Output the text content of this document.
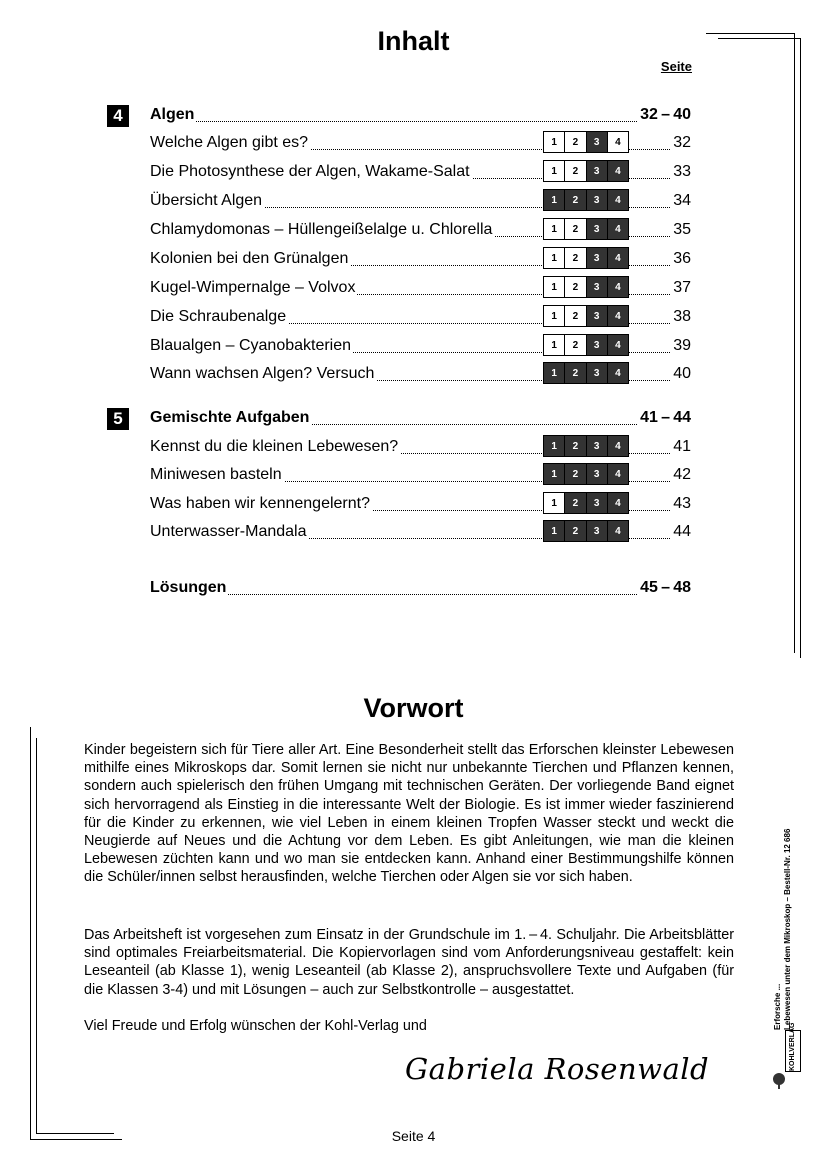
Inhalt
Seite
4	Algen	32 – 40
Welche Algen gibt es?	1	2	3	4	32
Die Photosynthese der Algen, Wakame-Salat	1	2	3	4	33
Übersicht Algen	1	2	3	4	34
Chlamydomonas – Hüllengeißelalge u. Chlorella	1	2	3	4	35
Kolonien bei den Grünalgen	1	2	3	4	36
Kugel-Wimpernalge – Volvox	1	2	3	4	37
Die Schraubenalge	1	2	3	4	38
Blaualgen – Cyanobakterien	1	2	3	4	39
Wann wachsen Algen? Versuch	1	2	3	4	40
5	Gemischte Aufgaben	41 – 44
Kennst du die kleinen Lebewesen?	1	2	3	4	41
Miniwesen basteln	1	2	3	4	42
Was haben wir kennengelernt?	1	2	3	4	43
Unterwasser-Mandala	1	2	3	4	44
Lösungen	45 – 48
Vorwort

Kinder begeistern sich für Tiere aller Art. Eine Besonderheit stellt das Erforschen kleinster Lebewesen mithilfe eines Mikroskops dar. Somit lernen sie nicht nur unbekannte Tierchen und Pflanzen kennen, sondern auch spielerisch den frühen Umgang mit technischen Geräten. Der vorliegende Band eignet sich hervorragend als Einstieg in die interessante Welt der Biologie. Es ist immer wieder faszinierend für die Kinder zu erkennen, wie viel Leben in einem kleinen Tropfen Wasser steckt und weckt die Neugierde auf Neues und die Achtung vor dem Leben. Es gibt Anleitungen, wie man die kleinen Lebewesen züchten kann und wo man sie entdecken kann. Anhand einer Bestimmungshilfe können die Schüler/innen selbst herausfinden, welche Tierchen oder Algen sie vor sich haben.

Das Arbeitsheft ist vorgesehen zum Einsatz in der Grundschule im 1. – 4. Schuljahr. Die Arbeitsblätter sind optimales Freiarbeitsmaterial. Die Kopiervorlagen sind vom Anforderungsniveau gestaffelt: kein Leseanteil (ab Klasse 1), wenig Leseanteil (ab Klasse 2), anspruchsvollere Texte und Aufgaben (für die Klassen 3-4) und mit Lösungen – auch zur Selbstkontrolle – ausgestattet.

Viel Freude und Erfolg wünschen der Kohl-Verlag und

Gabriela Rosenwald
Erforsche ... Lebewesen unter dem Mikroskop – Bestell-Nr. 12 686
KOHLVERLAG
Seite 4
